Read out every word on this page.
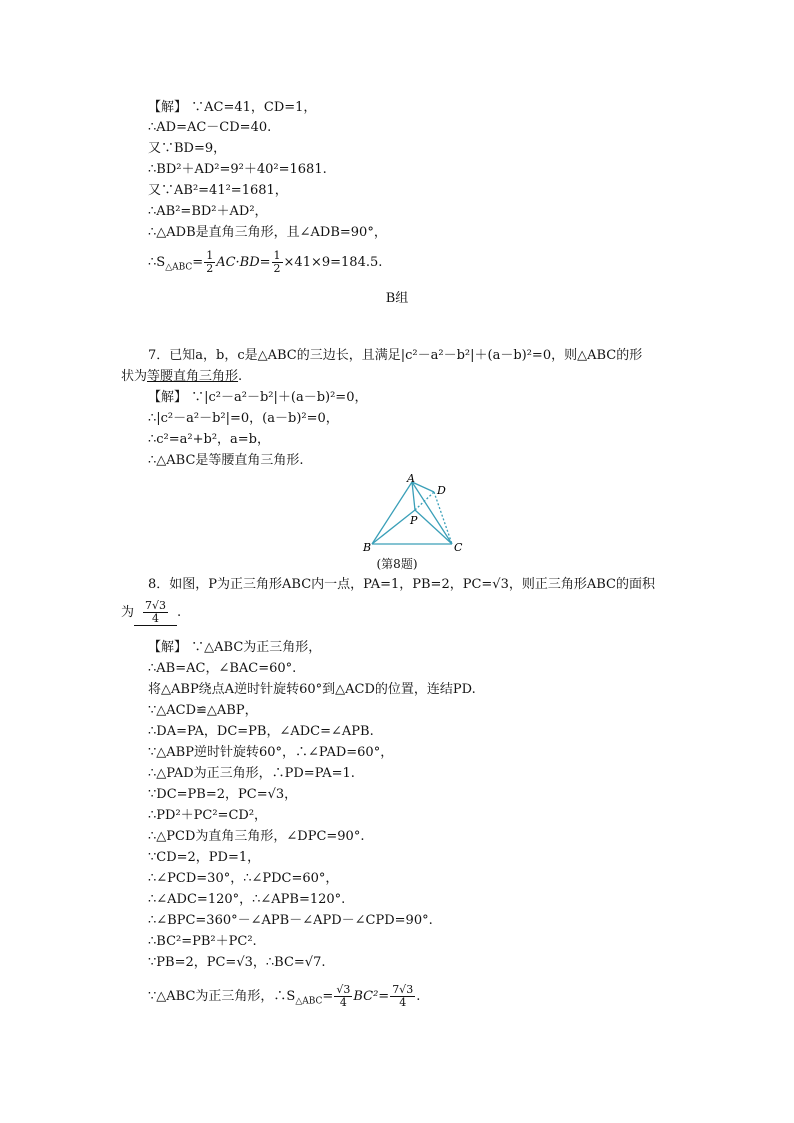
【解】 ∵AC=41，CD=1，
∴AD=AC－CD=40.
又∵BD=9，
∴BD²＋AD²=9²＋40²=1681.
又∵AB²=41²=1681，
∴AB²=BD²＋AD²，
∴△ADB是直角三角形，且∠ADB=90°，
$\therefore S_{\triangle ABC}= \frac{1}{2} AC\cdot BD= \frac{1}{2} \times 41\times 9=184.5$.
B组
7．已知a，b，c是△ABC的三边长，且满足|c²－a²－b²|＋(a－b)²=0，则△ABC的形
状为等腰直角三角形.
【解】 ∵|c²－a²－b²|＋(a－b)²=0，
∴|c²－a²－b²|=0，(a－b)²=0，
∴c²=a²+b²，a=b，
∴△ABC是等腰直角三角形.
A
B	C
D
P
(第8题)
8．如图，P为正三角形ABC内一点，PA=1，PB=2，PC=√3，则正三角形ABC的面积
为 $\frac{7√3}{4}$ .
【解】 ∵△ABC为正三角形，
∴AB=AC，∠BAC=60°.
将△ABP绕点A逆时针旋转60°到△ACD的位置，连结PD.
∵△ACD≌△ABP，
∴DA=PA，DC=PB，∠ADC=∠APB.
∵△ABP逆时针旋转60°，∴∠PAD=60°，
∴△PAD为正三角形，∴PD=PA=1.
∵DC=PB=2，PC=√3，
∴PD²＋PC²=CD²，
∴△PCD为直角三角形，∠DPC=90°.
∵CD=2，PD=1，
∴∠PCD=30°，∴∠PDC=60°，
∴∠ADC=120°，∴∠APB=120°.
∴∠BPC=360°－∠APB－∠APD－∠CPD=90°.
∴BC²=PB²＋PC².
∵PB=2，PC=√3，∴BC=√7.
∵△ABC为正三角形，$\therefore S_{\triangle ABC}= \frac{√3}{4} BC^2= \frac{7√3}{4}$ .
